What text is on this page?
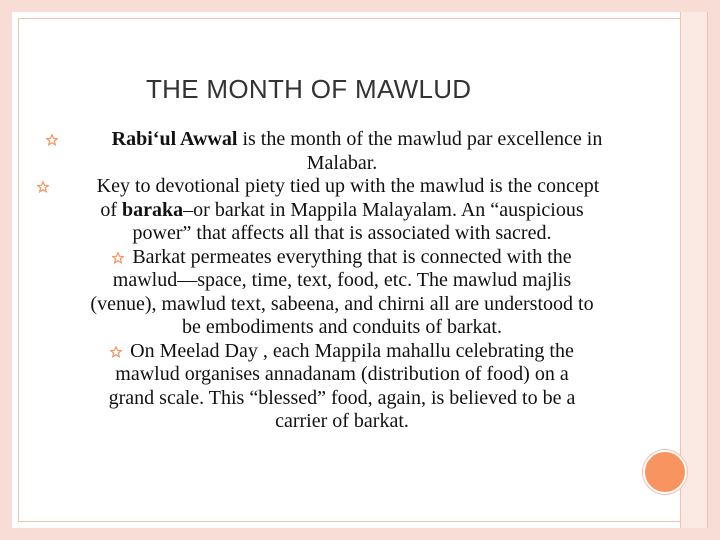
THE MONTH OF MAWLUD
Rabi‘ul Awwal is the month of the mawlud par excellence in
Malabar.
Key to devotional piety tied up with the mawlud is the concept
of baraka–or barkat in Mappila Malayalam. An “auspicious
power” that affects all that is associated with sacred.
Barkat permeates everything that is connected with the
mawlud—space, time, text, food, etc. The mawlud majlis
(venue), mawlud text, sabeena, and chirni all are understood to
be embodiments and conduits of barkat.
On Meelad Day , each Mappila mahallu celebrating the
mawlud organises annadanam (distribution of food) on a
grand scale. This “blessed” food, again, is believed to be a
carrier of barkat.
